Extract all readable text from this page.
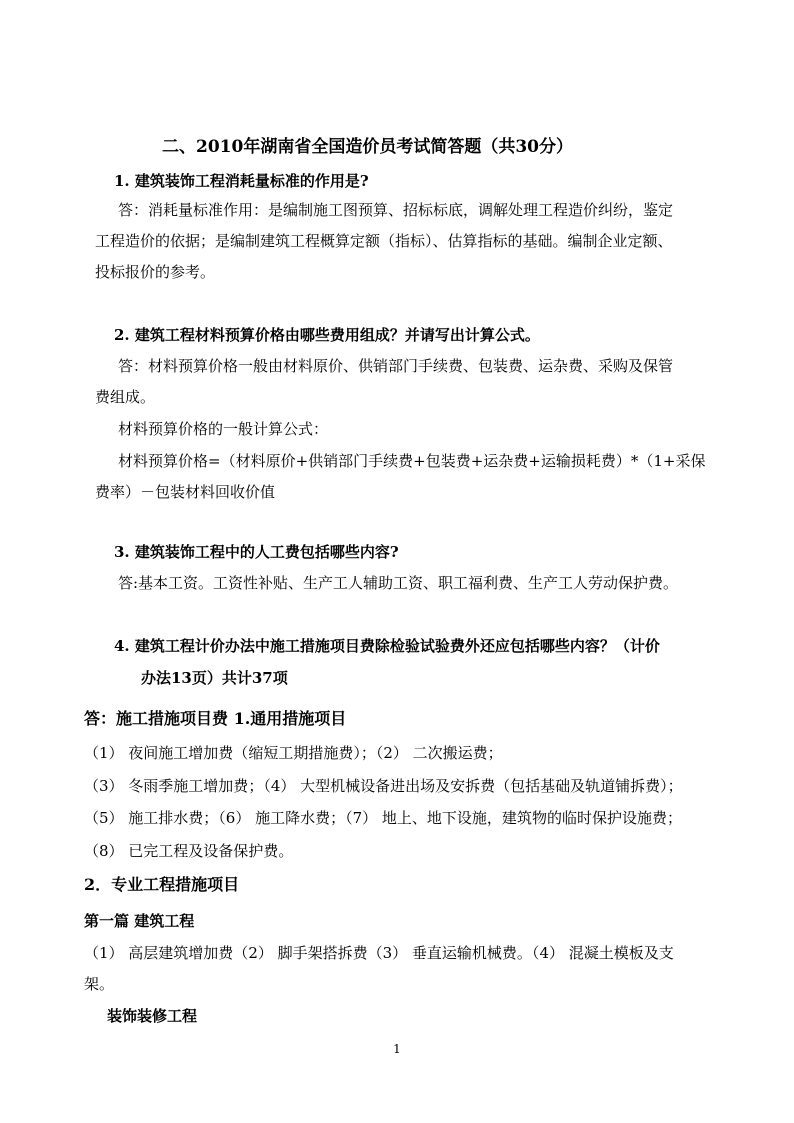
二、2010年湖南省全国造价员考试简答题（共30分）
1. 建筑装饰工程消耗量标准的作用是?
答：消耗量标准作用：是编制施工图预算、招标标底，调解处理工程造价纠纷，鉴定
工程造价的依据；是编制建筑工程概算定额（指标）、估算指标的基础。编制企业定额、
投标报价的参考。
2. 建筑工程材料预算价格由哪些费用组成？并请写出计算公式。
答：材料预算价格一般由材料原价、供销部门手续费、包装费、运杂费、采购及保管
费组成。
材料预算价格的一般计算公式：
材料预算价格=（材料原价+供销部门手续费+包装费+运杂费+运输损耗费）*（1+采保
费率）－包装材料回收价值
3. 建筑装饰工程中的人工费包括哪些内容?
答:基本工资。工资性补贴、生产工人辅助工资、职工福利费、生产工人劳动保护费。
4. 建筑工程计价办法中施工措施项目费除检验试验费外还应包括哪些内容？（计价
办法13页）共计37项
答：施工措施项目费 1.通用措施项目
（1） 夜间施工增加费（缩短工期措施费）；（2） 二次搬运费；
（3） 冬雨季施工增加费；（4） 大型机械设备进出场及安拆费（包括基础及轨道铺拆费）；
（5） 施工排水费；（6） 施工降水费；（7） 地上、地下设施，建筑物的临时保护设施费；
（8） 已完工程及设备保护费。
2．专业工程措施项目
第一篇 建筑工程
（1） 高层建筑增加费（2） 脚手架搭拆费（3） 垂直运输机械费。（4） 混凝土模板及支
架。
装饰装修工程
1
